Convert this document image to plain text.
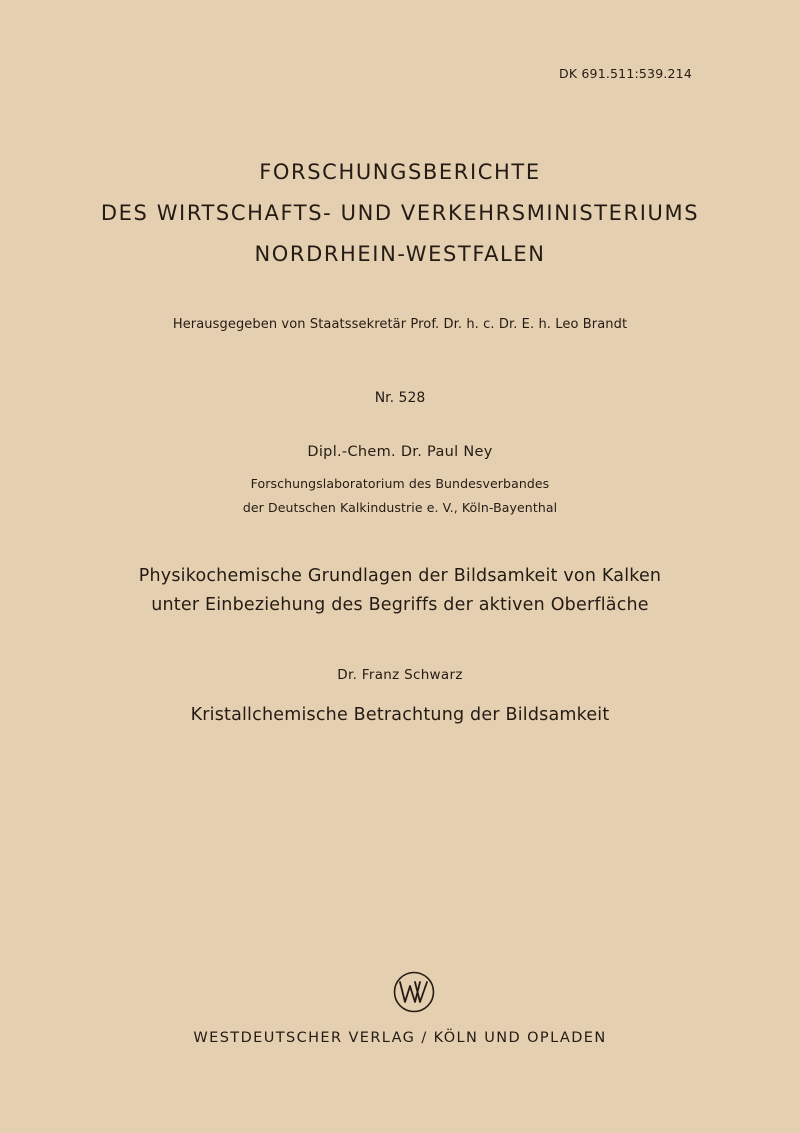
DK 691.511:539.214
FORSCHUNGSBERICHTE
DES WIRTSCHAFTS- UND VERKEHRSMINISTERIUMS
NORDRHEIN-WESTFALEN
Herausgegeben von Staatssekretär Prof. Dr. h. c. Dr. E. h. Leo Brandt
Nr. 528
Dipl.-Chem. Dr. Paul Ney
Forschungslaboratorium des Bundesverbandes
der Deutschen Kalkindustrie e. V., Köln-Bayenthal
Physikochemische Grundlagen der Bildsamkeit von Kalken
unter Einbeziehung des Begriffs der aktiven Oberfläche
Dr. Franz Schwarz
Kristallchemische Betrachtung der Bildsamkeit
WESTDEUTSCHER VERLAG / KÖLN UND OPLADEN
